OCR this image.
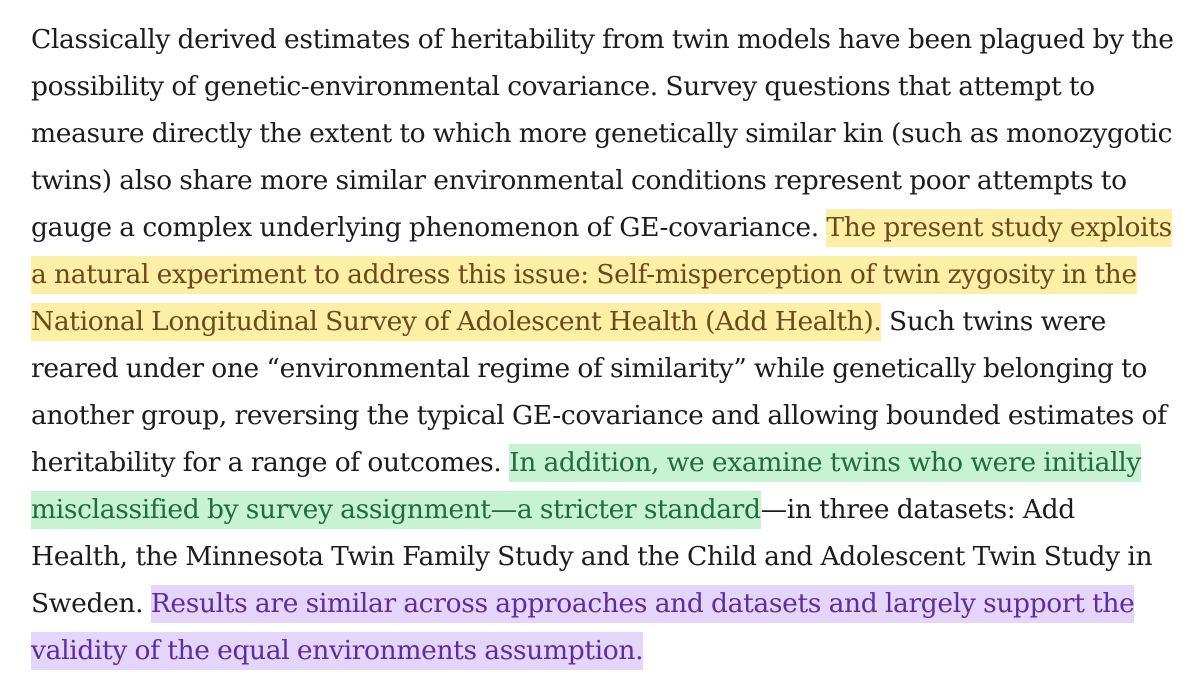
Classically derived estimates of heritability from twin models have been plagued by the possibility of genetic-environmental covariance. Survey questions that attempt to measure directly the extent to which more genetically similar kin (such as monozygotic twins) also share more similar environmental conditions represent poor attempts to gauge a complex underlying phenomenon of GE-covariance. The present study exploits a natural experiment to address this issue: Self-misperception of twin zygosity in the National Longitudinal Survey of Adolescent Health (Add Health). Such twins were reared under one “environmental regime of similarity” while genetically belonging to another group, reversing the typical GE-covariance and allowing bounded estimates of heritability for a range of outcomes. In addition, we examine twins who were initially misclassified by survey assignment—a stricter standard—in three datasets: Add Health, the Minnesota Twin Family Study and the Child and Adolescent Twin Study in Sweden. Results are similar across approaches and datasets and largely support the validity of the equal environments assumption.
